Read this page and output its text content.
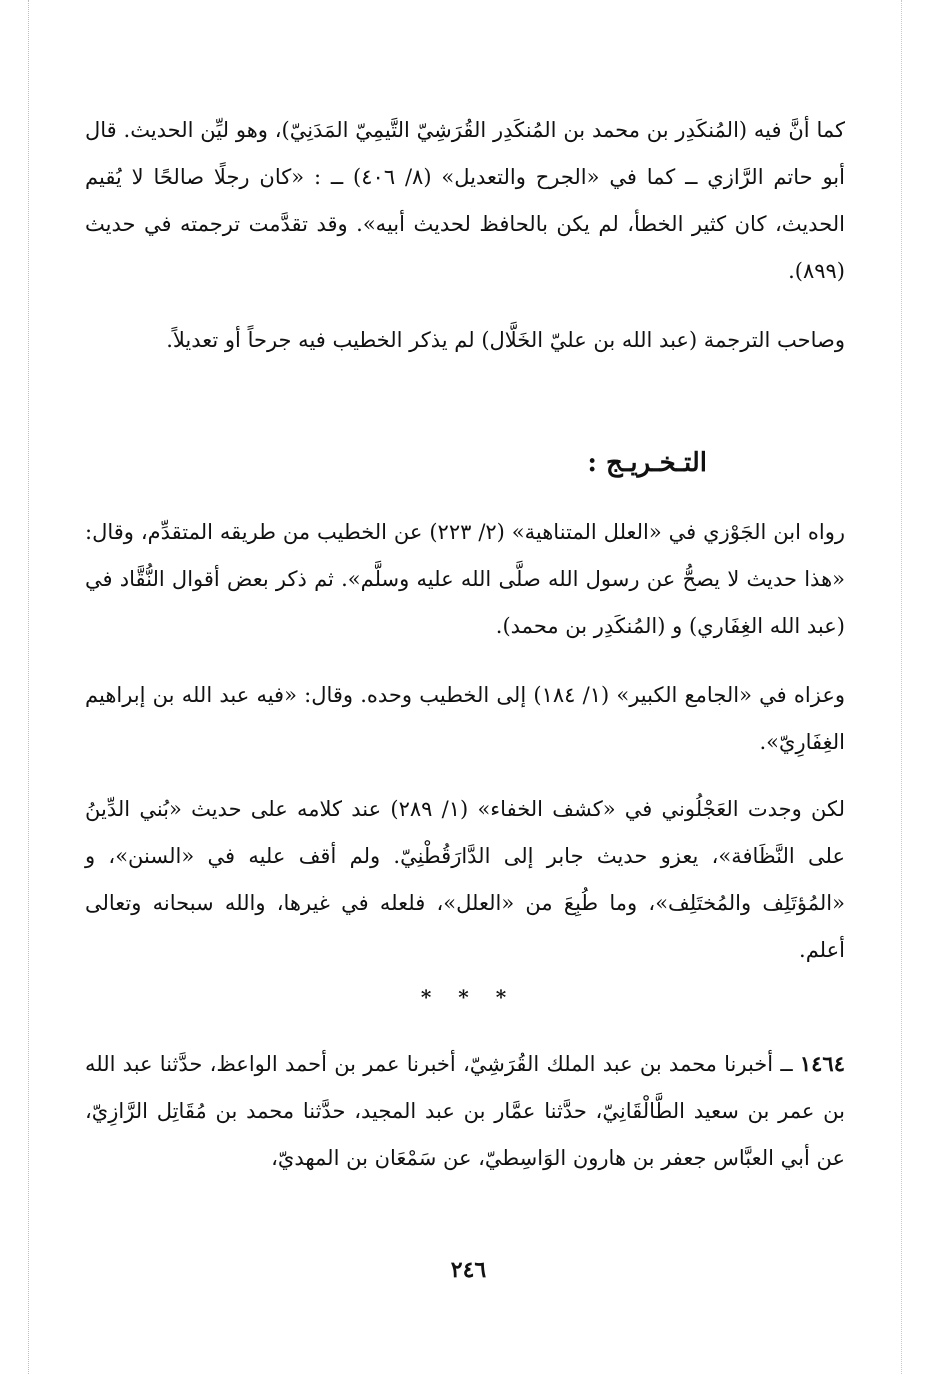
كما أنَّ فيه (المُنكَدِر بن محمد بن المُنكَدِر القُرَشِيّ التَّيمِيّ المَدَنِيّ)، وهو ليِّن الحديث. قال أبو حاتم الرَّازي ــ كما في «الجرح والتعديل» (٨/ ٤٠٦) ــ : «كان رجلًا صالحًا لا يُقيم الحديث، كان كثير الخطأ، لم يكن بالحافظ لحديث أبيه». وقد تقدَّمت ترجمته في حديث (٨٩٩).

وصاحب الترجمة (عبد الله بن عليّ الخَلَّال) لم يذكر الخطيب فيه جرحاً أو تعديلاً.

التـخـريـج :

رواه ابن الجَوْزي في «العلل المتناهية» (٢/ ٢٢٣) عن الخطيب من طريقه المتقدِّم، وقال: «هذا حديث لا يصحُّ عن رسول الله صلَّى الله عليه وسلَّم». ثم ذكر بعض أقوال النُّقَّاد في (عبد الله الغِفَاري) و (المُنكَدِر بن محمد).

وعزاه في «الجامع الكبير» (١/ ١٨٤) إلى الخطيب وحده. وقال: «فيه عبد الله بن إبراهيم الغِفَارِيّ».

لكن وجدت العَجْلُوني في «كشف الخفاء» (١/ ٢٨٩) عند كلامه على حديث «بُني الدِّينُ على النَّظَافة»، يعزو حديث جابر إلى الدَّارَقُطْنِيّ. ولم أقف عليه في «السنن»، و «المُؤتَلِف والمُختَلِف»، وما طُبِعَ من «العلل»، فلعله في غيرها، والله سبحانه وتعالى أعلم.

* * *

١٤٦٤ ــ أخبرنا محمد بن عبد الملك القُرَشِيّ، أخبرنا عمر بن أحمد الواعظ، حدَّثنا عبد الله بن عمر بن سعيد الطَّالْقَانِيّ، حدَّثنا عمَّار بن عبد المجيد، حدَّثنا محمد بن مُقَاتِل الرَّازِيّ، عن أبي العبَّاس جعفر بن هارون الوَاسِطيّ، عن سَمْعَان بن المهديّ،

٢٤٦
